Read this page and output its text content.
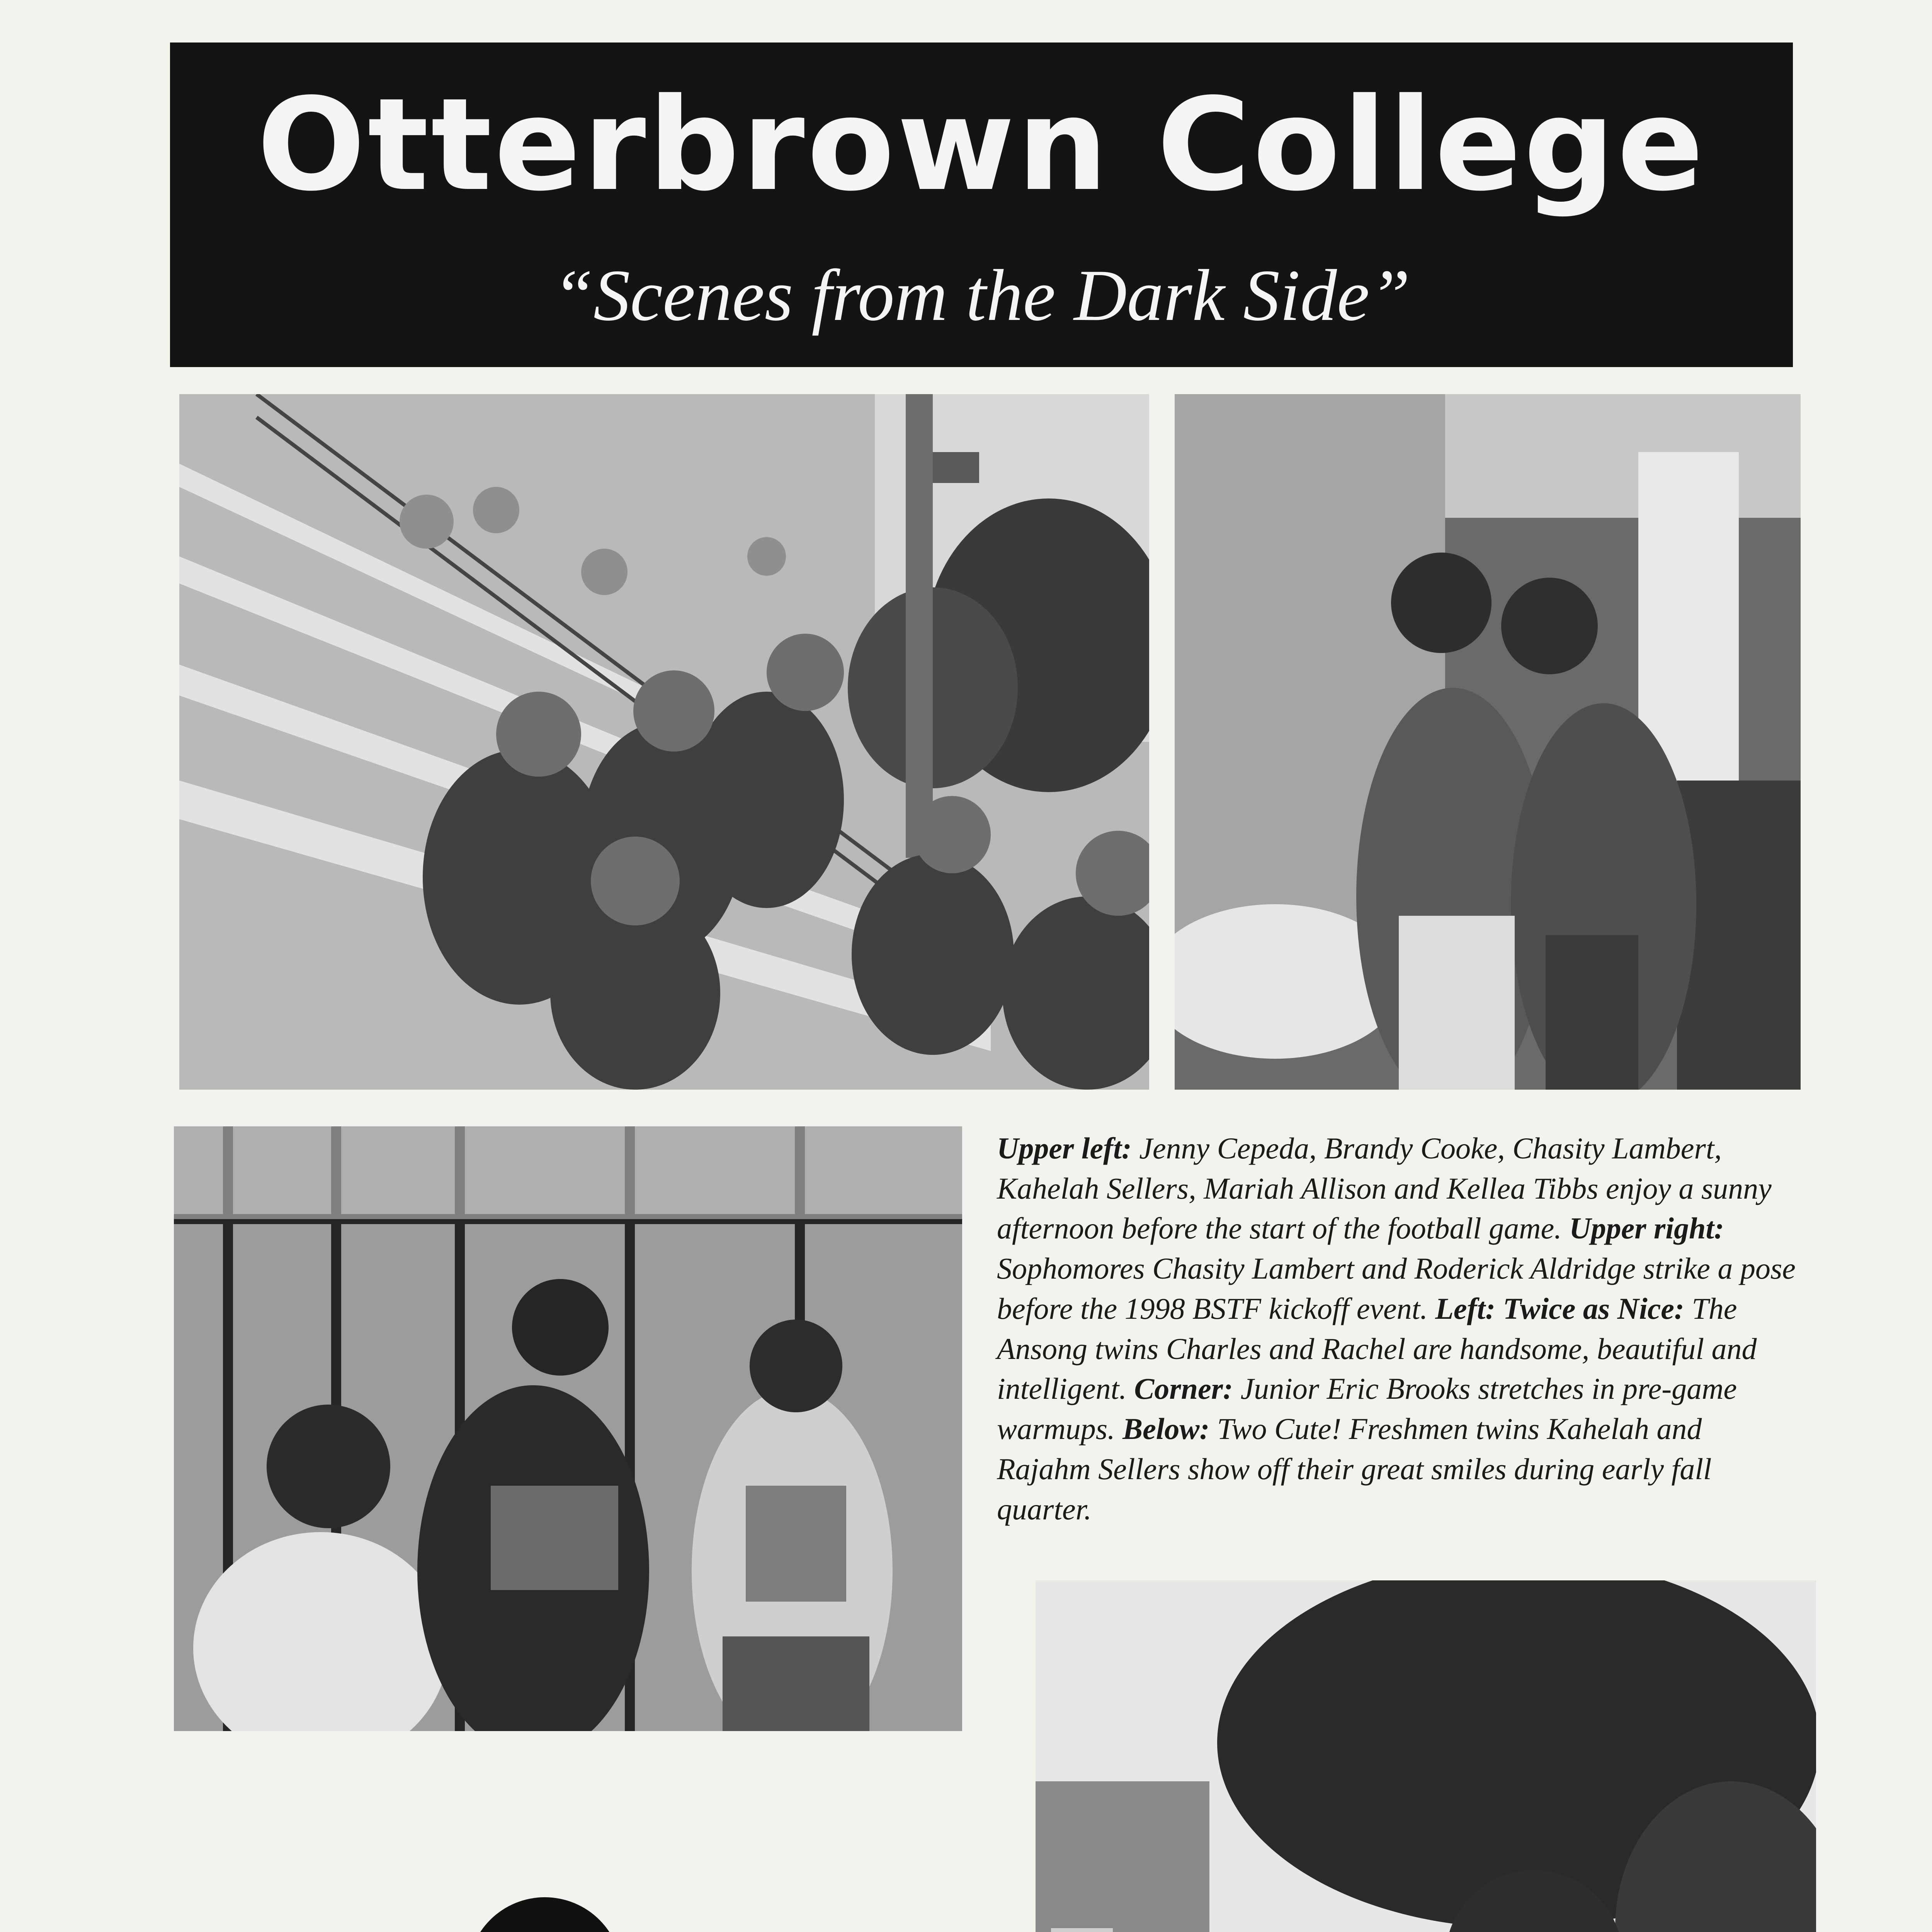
Otterbrown College
“Scenes from the Dark Side”

Upper left: Jenny Cepeda, Brandy Cooke, Chasity Lambert, Kahelah Sellers, Mariah Allison and Kellea Tibbs enjoy a sunny afternoon before the start of the football game. Upper right: Sophomores Chasity Lambert and Roderick Aldridge strike a pose before the 1998 BSTF kickoff event. Left: Twice as Nice: The Ansong twins Charles and Rachel are handsome, beautiful and intelligent. Corner: Junior Eric Brooks stretches in pre-game warmups. Below: Two Cute! Freshmen twins Kahelah and Rajahm Sellers show off their great smiles during early fall quarter.
